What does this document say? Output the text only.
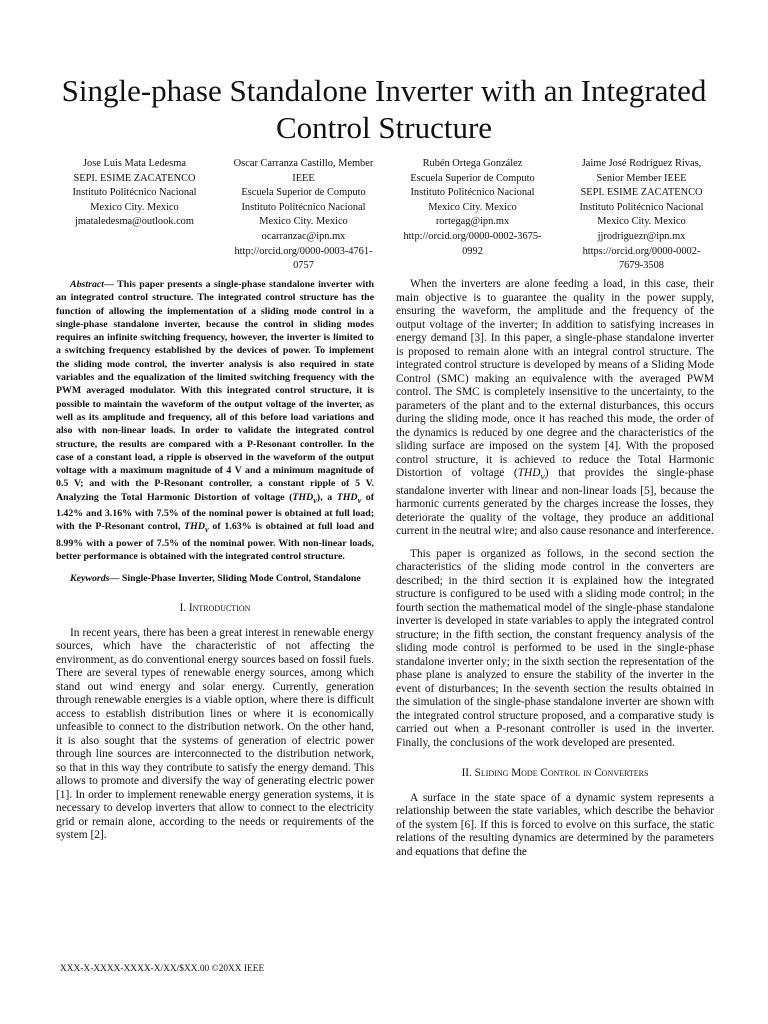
Single-phase Standalone Inverter with an Integrated Control Structure
Jose Luis Mata Ledesma
SEPI. ESIME ZACATENCO
Instituto Politécnico Nacional
Mexico City. Mexico
jmataledesma@outlook.com
Oscar Carranza Castillo, Member
IEEE
Escuela Superior de Computo
Instituto Politécnico Nacional
Mexico City. Mexico
ocarranzac@ipn.mx
http://orcid.org/0000-0003-4761-
0757
Rubén Ortega González
Escuela Superior de Computo
Instituto Politécnico Nacional
Mexico City. Mexico
rortegag@ipn.mx
http://orcid.org/0000-0002-3675-
0992
Jaime José Rodríguez Rivas,
Senior Member IEEE
SEPI. ESIME ZACATENCO
Instituto Politécnico Nacional
Mexico City. Mexico
jjrodriguezr@ipn.mx
https://orcid.org/0000-0002-
7679-3508

Abstract— This paper presents a single-phase standalone inverter with an integrated control structure. The integrated control structure has the function of allowing the implementation of a sliding mode control in a single-phase standalone inverter, because the control in sliding modes requires an infinite switching frequency, however, the inverter is limited to a switching frequency established by the devices of power. To implement the sliding mode control, the inverter analysis is also required in state variables and the equalization of the limited switching frequency with the PWM averaged modulator. With this integrated control structure, it is possible to maintain the waveform of the output voltage of the inverter, as well as its amplitude and frequency, all of this before load variations and also with non-linear loads. In order to validate the integrated control structure, the results are compared with a P-Resonant controller. In the case of a constant load, a ripple is observed in the waveform of the output voltage with a maximum magnitude of 4 V and a minimum magnitude of 0.5 V; and with the P-Resonant controller, a constant ripple of 5 V. Analyzing the Total Harmonic Distortion of voltage $(THD_v)$, a $THD_v$ of 1.42% and 3.16% with 7.5% of the nominal power is obtained at full load; with the P-Resonant control, $THD_v$ of 1.63% is obtained at full load and 8.99% with a power of 7.5% of the nominal power. With non-linear loads, better performance is obtained with the integrated control structure.

Keywords— Single-Phase Inverter, Sliding Mode Control, Standalone

I. Introduction

In recent years, there has been a great interest in renewable energy sources, which have the characteristic of not affecting the environment, as do conventional energy sources based on fossil fuels. There are several types of renewable energy sources, among which stand out wind energy and solar energy. Currently, generation through renewable energies is a viable option, where there is difficult access to establish distribution lines or where it is economically unfeasible to connect to the distribution network. On the other hand, it is also sought that the systems of generation of electric power through line sources are interconnected to the distribution network, so that in this way they contribute to satisfy the energy demand. This allows to promote and diversify the way of generating electric power [1]. In order to implement renewable energy generation systems, it is necessary to develop inverters that allow to connect to the electricity grid or remain alone, according to the needs or requirements of the system [2].

When the inverters are alone feeding a load, in this case, their main objective is to guarantee the quality in the power supply, ensuring the waveform, the amplitude and the frequency of the output voltage of the inverter; In addition to satisfying increases in energy demand [3]. In this paper, a single-phase standalone inverter is proposed to remain alone with an integral control structure. The integrated control structure is developed by means of a Sliding Mode Control (SMC) making an equivalence with the averaged PWM control. The SMC is completely insensitive to the uncertainty, to the parameters of the plant and to the external disturbances, this occurs during the sliding mode, once it has reached this mode, the order of the dynamics is reduced by one degree and the characteristics of the sliding surface are imposed on the system [4]. With the proposed control structure, it is achieved to reduce the Total Harmonic Distortion of voltage $(THD_v)$ that provides the single-phase standalone inverter with linear and non-linear loads [5], because the harmonic currents generated by the charges increase the losses, they deteriorate the quality of the voltage, they produce an additional current in the neutral wire; and also cause resonance and interference.

This paper is organized as follows, in the second section the characteristics of the sliding mode control in the converters are described; in the third section it is explained how the integrated structure is configured to be used with a sliding mode control; in the fourth section the mathematical model of the single-phase standalone inverter is developed in state variables to apply the integrated control structure; in the fifth section, the constant frequency analysis of the sliding mode control is performed to be used in the single-phase standalone inverter only; in the sixth section the representation of the phase plane is analyzed to ensure the stability of the inverter in the event of disturbances; In the seventh section the results obtained in the simulation of the single-phase standalone inverter are shown with the integrated control structure proposed, and a comparative study is carried out when a P-resonant controller is used in the inverter. Finally, the conclusions of the work developed are presented.

II. Sliding Mode Control in Converters

A surface in the state space of a dynamic system represents a relationship between the state variables, which describe the behavior of the system [6]. If this is forced to evolve on this surface, the static relations of the resulting dynamics are determined by the parameters and equations that define the

XXX-X-XXXX-XXXX-X/XX/$XX.00 ©20XX IEEE
